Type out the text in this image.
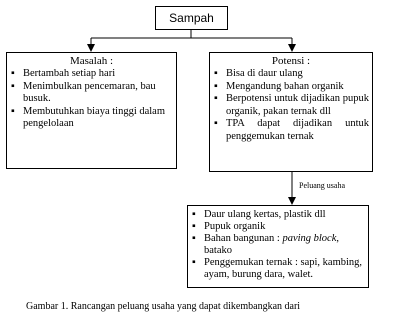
Sampah
Masalah :
▪ Bertambah setiap hari
▪ Menimbulkan pencemaran, bau busuk.
▪ Membutuhkan biaya tinggi dalam pengelolaan
Potensi :
▪ Bisa di daur ulang
▪ Mengandung bahan organik
▪ Berpotensi untuk dijadikan pupuk organik, pakan ternak dll
▪ TPA dapat dijadikan untuk penggemukan ternak
Peluang usaha
▪ Daur ulang kertas, plastik dll
▪ Pupuk organik
▪ Bahan bangunan : paving block, batako
▪ Penggemukan ternak : sapi, kambing, ayam, burung dara, walet.
Gambar 1. Rancangan peluang usaha yang dapat dikembangkan dari
